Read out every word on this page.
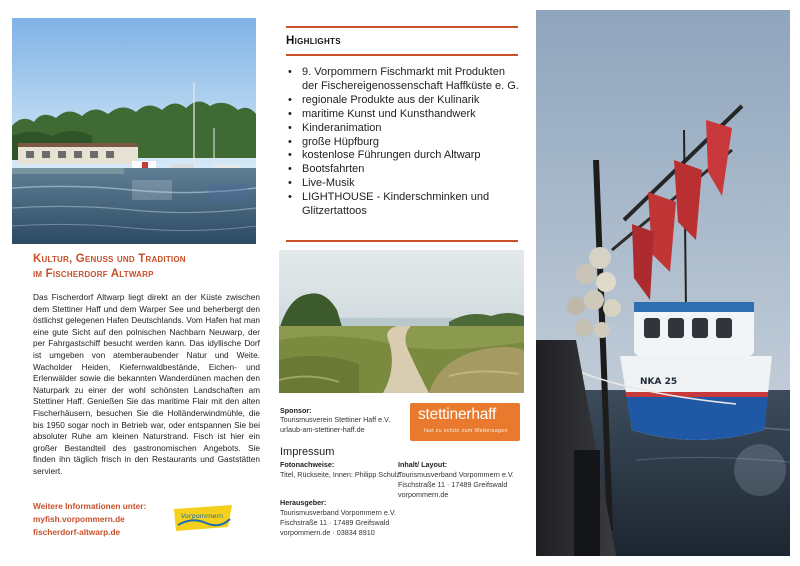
Kultur, Genuss und Tradition
im Fischerdorf Altwarp

Das Fischerdorf Altwarp liegt direkt an der Küste zwischen dem Stettiner Haff und dem Warper See und beherbergt den östlichst gelegenen Hafen Deutschlands. Vom Hafen hat man eine gute Sicht auf den polnischen Nachbarn Neuwarp, der per Fahrgastschiff besucht werden kann. Das idyllische Dorf ist umgeben von atemberaubender Natur und Weite. Wacholder Heiden, Kiefernwaldbestände, Eichen- und Erlenwälder sowie die bekannten Wanderdünen machen den Naturpark zu einer der wohl schönsten Landschaften am Stettiner Haff. Genießen Sie das maritime Flair mit den alten Fischerhäusern, besuchen Sie die Holländerwindmühle, die bis 1950 sogar noch in Betrieb war, oder entspannen Sie bei absoluter Ruhe am kleinen Naturstrand. Fisch ist hier ein großer Bestandteil des gastronomischen Angebots. Sie finden ihn täglich frisch in den Restaurants und Gaststätten serviert.

Weitere Informationen unter:
myfish.vorpommern.de
fischerdorf-altwarp.de
Vorpommern
Highlights
• 9. Vorpommern Fischmarkt mit Produkten der Fischereigenossenschaft Haffküste e. G.
• regionale Produkte aus der Kulinarik
• maritime Kunst und Kunsthandwerk
• Kinderanimation
• große Hüpfburg
• kostenlose Führungen durch Altwarp
• Bootsfahrten
• Live-Musik
• LIGHTHOUSE - Kinderschminken und Glitzertattoos
Sponsor:
Tourismusverein Stettiner Haff e.V.
urlaub-am-stettiner-haff.de
stettinerhaff
fast zu schön zum Weitersagen
Impressum
Fotonachweise:
Titel, Rückseite, Innen: Philipp Schulz
Inhalt/ Layout:
Tourismusverband Vorpommern e.V.
Fischstraße 11 · 17489 Greifswald
vorpommern.de
Herausgeber:
Tourismusverband Vorpommern e.V.
Fischstraße 11 · 17489 Greifswald
vorpommern.de · 03834 8910
NKA 25
